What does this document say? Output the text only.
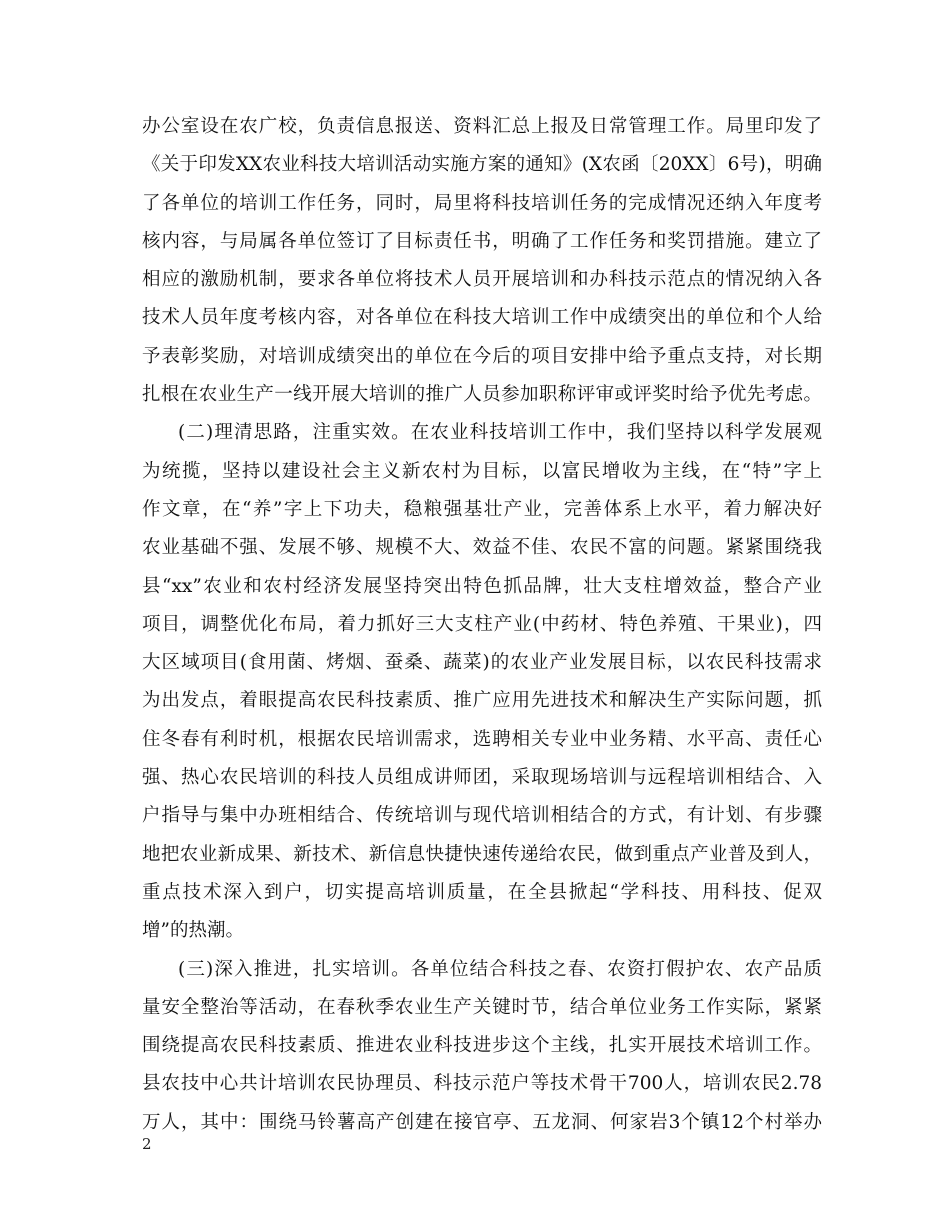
办公室设在农广校，负责信息报送、资料汇总上报及日常管理工作。局里印发了
《关于印发XX农业科技大培训活动实施方案的通知》(X农函〔20XX〕6号)，明确
了各单位的培训工作任务，同时，局里将科技培训任务的完成情况还纳入年度考
核内容，与局属各单位签订了目标责任书，明确了工作任务和奖罚措施。建立了
相应的激励机制，要求各单位将技术人员开展培训和办科技示范点的情况纳入各
技术人员年度考核内容，对各单位在科技大培训工作中成绩突出的单位和个人给
予表彰奖励，对培训成绩突出的单位在今后的项目安排中给予重点支持，对长期
扎根在农业生产一线开展大培训的推广人员参加职称评审或评奖时给予优先考虑。
(二)理清思路，注重实效。在农业科技培训工作中，我们坚持以科学发展观
为统揽，坚持以建设社会主义新农村为目标，以富民增收为主线，在“特”字上
作文章，在“养”字上下功夫，稳粮强基壮产业，完善体系上水平，着力解决好
农业基础不强、发展不够、规模不大、效益不佳、农民不富的问题。紧紧围绕我
县“xx”农业和农村经济发展坚持突出特色抓品牌，壮大支柱增效益，整合产业
项目，调整优化布局，着力抓好三大支柱产业(中药材、特色养殖、干果业)，四
大区域项目(食用菌、烤烟、蚕桑、蔬菜)的农业产业发展目标，以农民科技需求
为出发点，着眼提高农民科技素质、推广应用先进技术和解决生产实际问题，抓
住冬春有利时机，根据农民培训需求，选聘相关专业中业务精、水平高、责任心
强、热心农民培训的科技人员组成讲师团，采取现场培训与远程培训相结合、入
户指导与集中办班相结合、传统培训与现代培训相结合的方式，有计划、有步骤
地把农业新成果、新技术、新信息快捷快速传递给农民，做到重点产业普及到人，
重点技术深入到户，切实提高培训质量，在全县掀起“学科技、用科技、促双
增”的热潮。
(三)深入推进，扎实培训。各单位结合科技之春、农资打假护农、农产品质
量安全整治等活动，在春秋季农业生产关键时节，结合单位业务工作实际，紧紧
围绕提高农民科技素质、推进农业科技进步这个主线，扎实开展技术培训工作。
县农技中心共计培训农民协理员、科技示范户等技术骨干700人，培训农民2.78
万人，其中：围绕马铃薯高产创建在接官亭、五龙洞、何家岩3个镇12个村举办
2
